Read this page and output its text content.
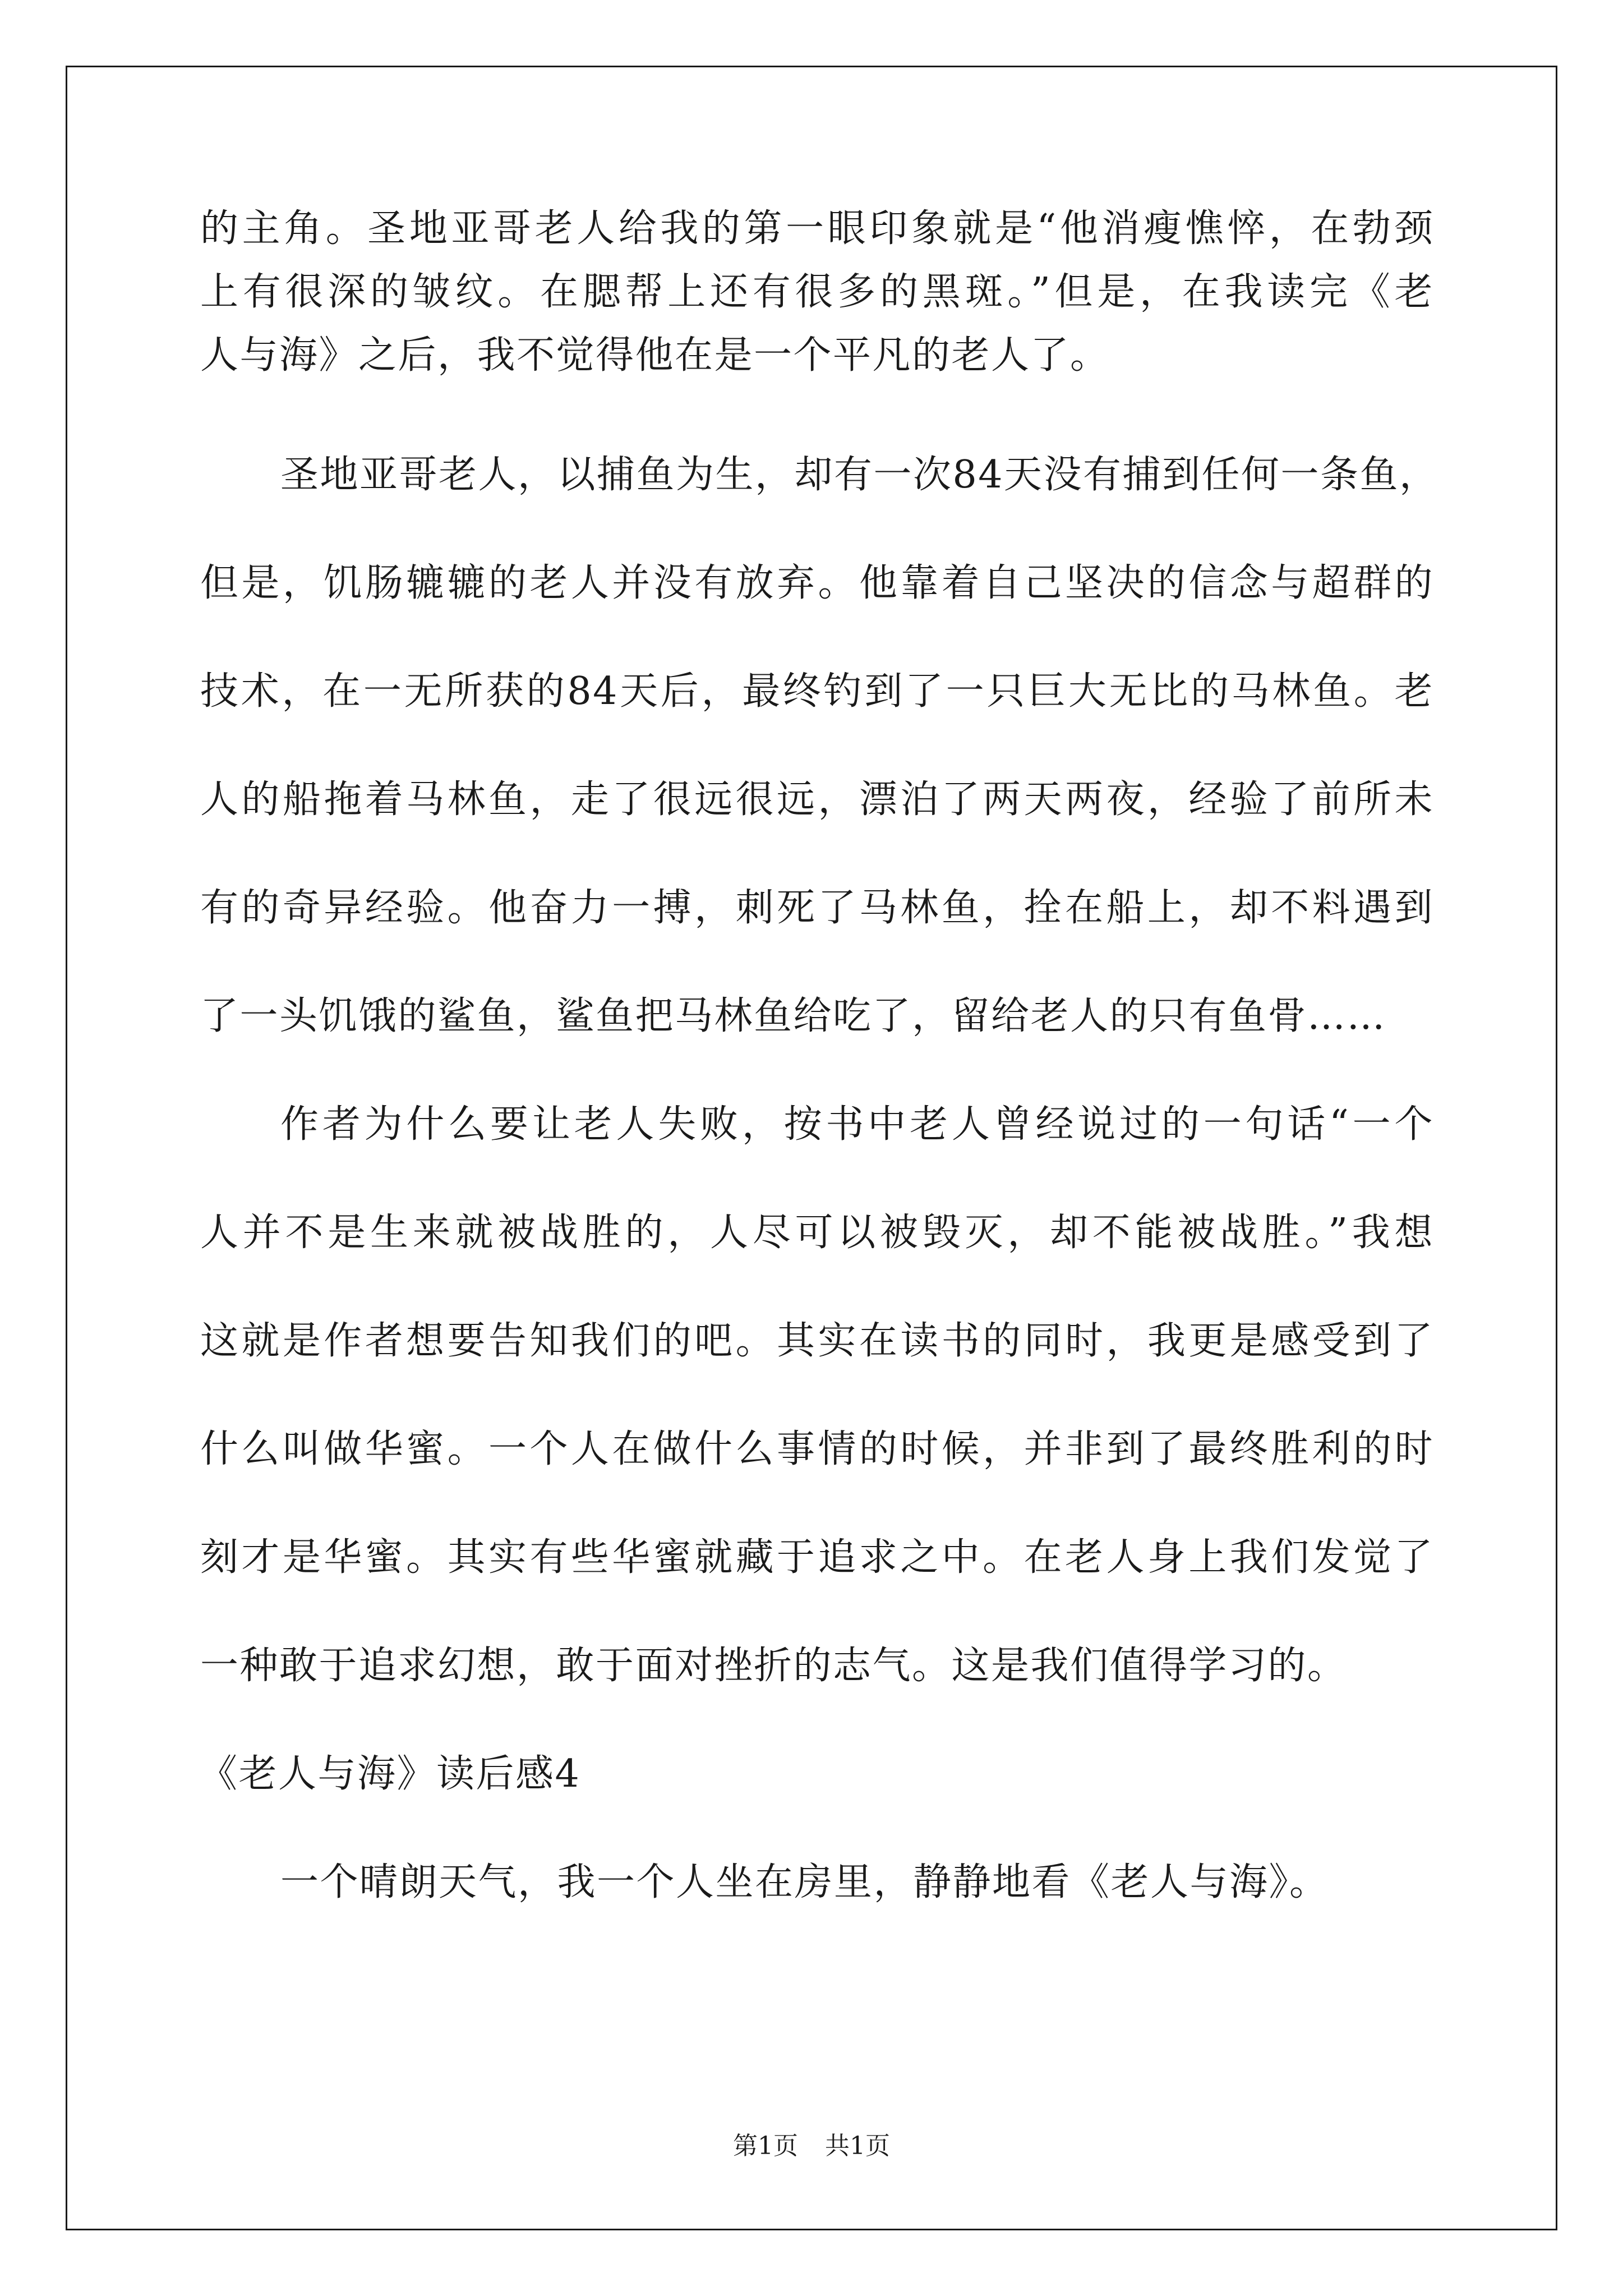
的主角。圣地亚哥老人给我的第一眼印象就是“他消瘦憔悴，在勃颈
上有很深的皱纹。在腮帮上还有很多的黑斑。”但是，在我读完《老
人与海》之后，我不觉得他在是一个平凡的老人了。
圣地亚哥老人，以捕鱼为生，却有一次84天没有捕到任何一条鱼，
但是，饥肠辘辘的老人并没有放弃。他靠着自己坚决的信念与超群的
技术，在一无所获的84天后，最终钓到了一只巨大无比的马林鱼。老
人的船拖着马林鱼，走了很远很远，漂泊了两天两夜，经验了前所未
有的奇异经验。他奋力一搏，刺死了马林鱼，拴在船上，却不料遇到
了一头饥饿的鲨鱼，鲨鱼把马林鱼给吃了，留给老人的只有鱼骨……
作者为什么要让老人失败，按书中老人曾经说过的一句话“一个
人并不是生来就被战胜的，人尽可以被毁灭，却不能被战胜。”我想
这就是作者想要告知我们的吧。其实在读书的同时，我更是感受到了
什么叫做华蜜。一个人在做什么事情的时候，并非到了最终胜利的时
刻才是华蜜。其实有些华蜜就藏于追求之中。在老人身上我们发觉了
一种敢于追求幻想，敢于面对挫折的志气。这是我们值得学习的。
《老人与海》读后感4
一个晴朗天气，我一个人坐在房里，静静地看《老人与海》。
第1页 共1页
